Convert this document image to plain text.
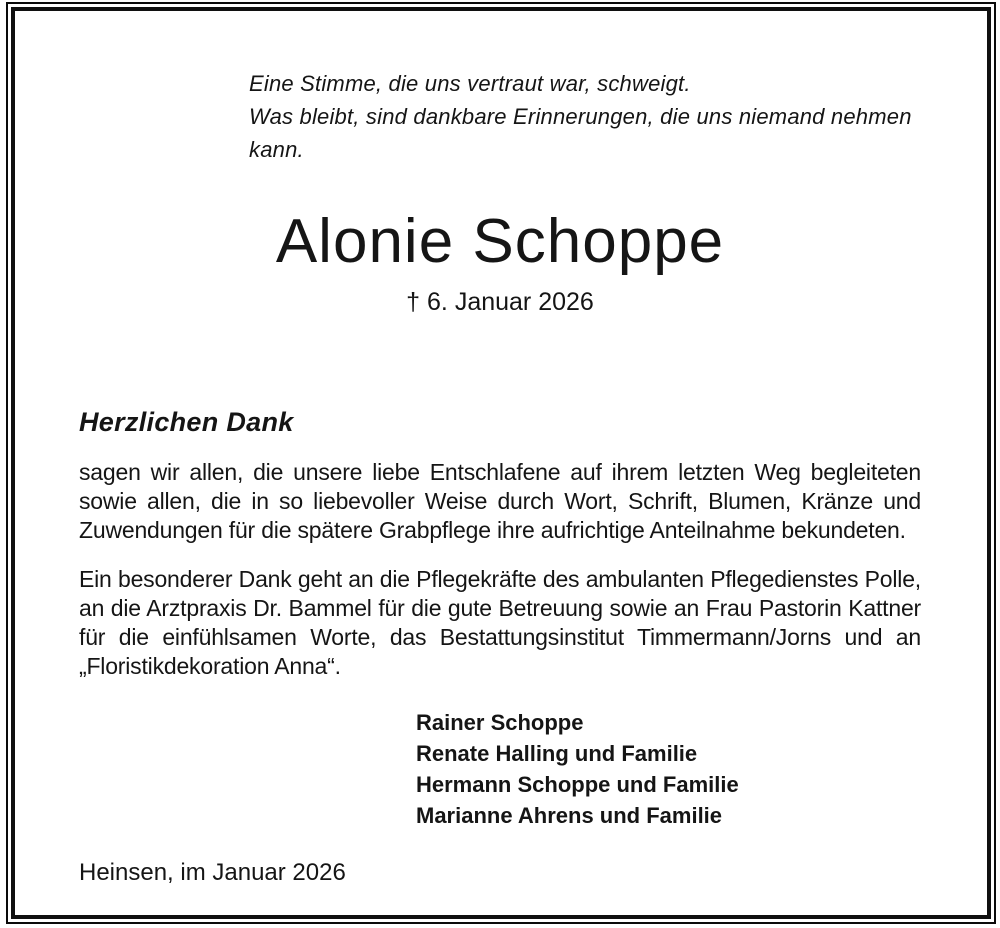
Eine Stimme, die uns vertraut war, schweigt.
Was bleibt, sind dankbare Erinnerungen, die uns niemand nehmen kann.
Alonie Schoppe
† 6. Januar 2026
Herzlichen Dank

sagen wir allen, die unsere liebe Entschlafene auf ihrem letzten Weg begleiteten sowie allen, die in so liebevoller Weise durch Wort, Schrift, Blumen, Kränze und Zuwendungen für die spätere Grabpflege ihre aufrichtige Anteilnahme bekundeten.

Ein besonderer Dank geht an die Pflegekräfte des ambulanten Pflegedienstes Polle, an die Arztpraxis Dr. Bammel für die gute Betreuung sowie an Frau Pastorin Kattner für die einfühlsamen Worte, das Bestattungsinstitut Timmermann/Jorns und an „Floristikdekoration Anna“.

Rainer Schoppe
Renate Halling und Familie
Hermann Schoppe und Familie
Marianne Ahrens und Familie
Heinsen, im Januar 2026
